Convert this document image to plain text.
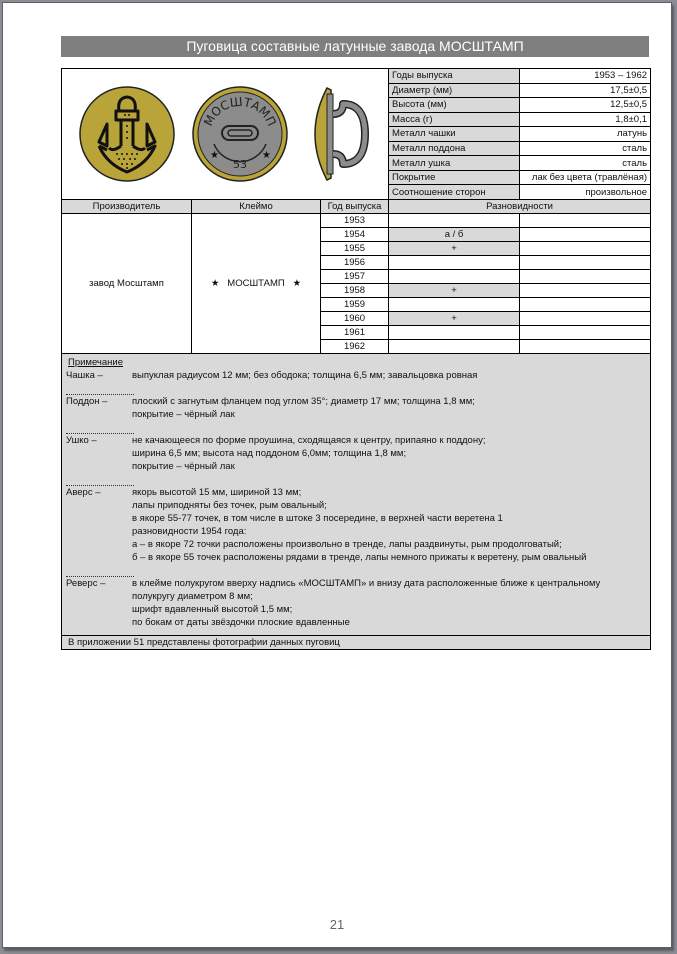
Пуговица составные латунные завода МОСШТАМП
МОСШТАМП
53
★ ★			Годы выпуска	1953 – 1962
			Диаметр (мм)	17,5±0,5
			Высота (мм)	12,5±0,5
			Масса (г)	1,8±0,1
			Металл чашки	латунь
			Металл поддона	сталь
			Металл ушка	сталь
			Покрытие	лак без цвета (травлёная)
			Соотношение сторон	произвольное
Производитель	Клеймо	Год выпуска	Разновидности	
завод Мосштамп	★ МОСШТАМП ★	1953		
		1954	а / б	
		1955	+	
		1956		
		1957		
		1958	+	
		1959		
		1960	+	
		1961		
		1962		

Примечание
Чашка –	выпуклая радиусом 12 мм; без ободока; толщина 6,5 мм; завальцовка ровная
Поддон –	плоский с загнутым фланцем под углом 35°; диаметр 17 мм; толщина 1,8 мм;
покрытие – чёрный лак
Ушко –	не качающееся по форме проушина, сходящаяся к центру, припаяно к поддону;
ширина 6,5 мм; высота над поддоном 6,0мм; толщина 1,8 мм;
покрытие – чёрный лак
Аверс –	якорь высотой 15 мм, шириной 13 мм;
лапы приподняты без точек, рым овальный;
в якоре 55-77 точек, в том числе в штоке 3 посередине, в верхней части веретена 1
разновидности 1954 года:
а – в якоре 72 точки расположены произвольно в тренде, лапы раздвинуты, рым продолговатый;
б – в якоре 55 точек расположены рядами в тренде, лапы немного прижаты к веретену, рым овальный
Реверс –	в клейме полукругом вверху надпись «МОСШТАМП» и внизу дата расположенные ближе к центральному
полукругу диаметром 8 мм;
шрифт вдавленный высотой 1,5 мм;
по бокам от даты звёздочки плоские вдавленные

В приложении 51 представлены фотографии данных пуговиц				
21
